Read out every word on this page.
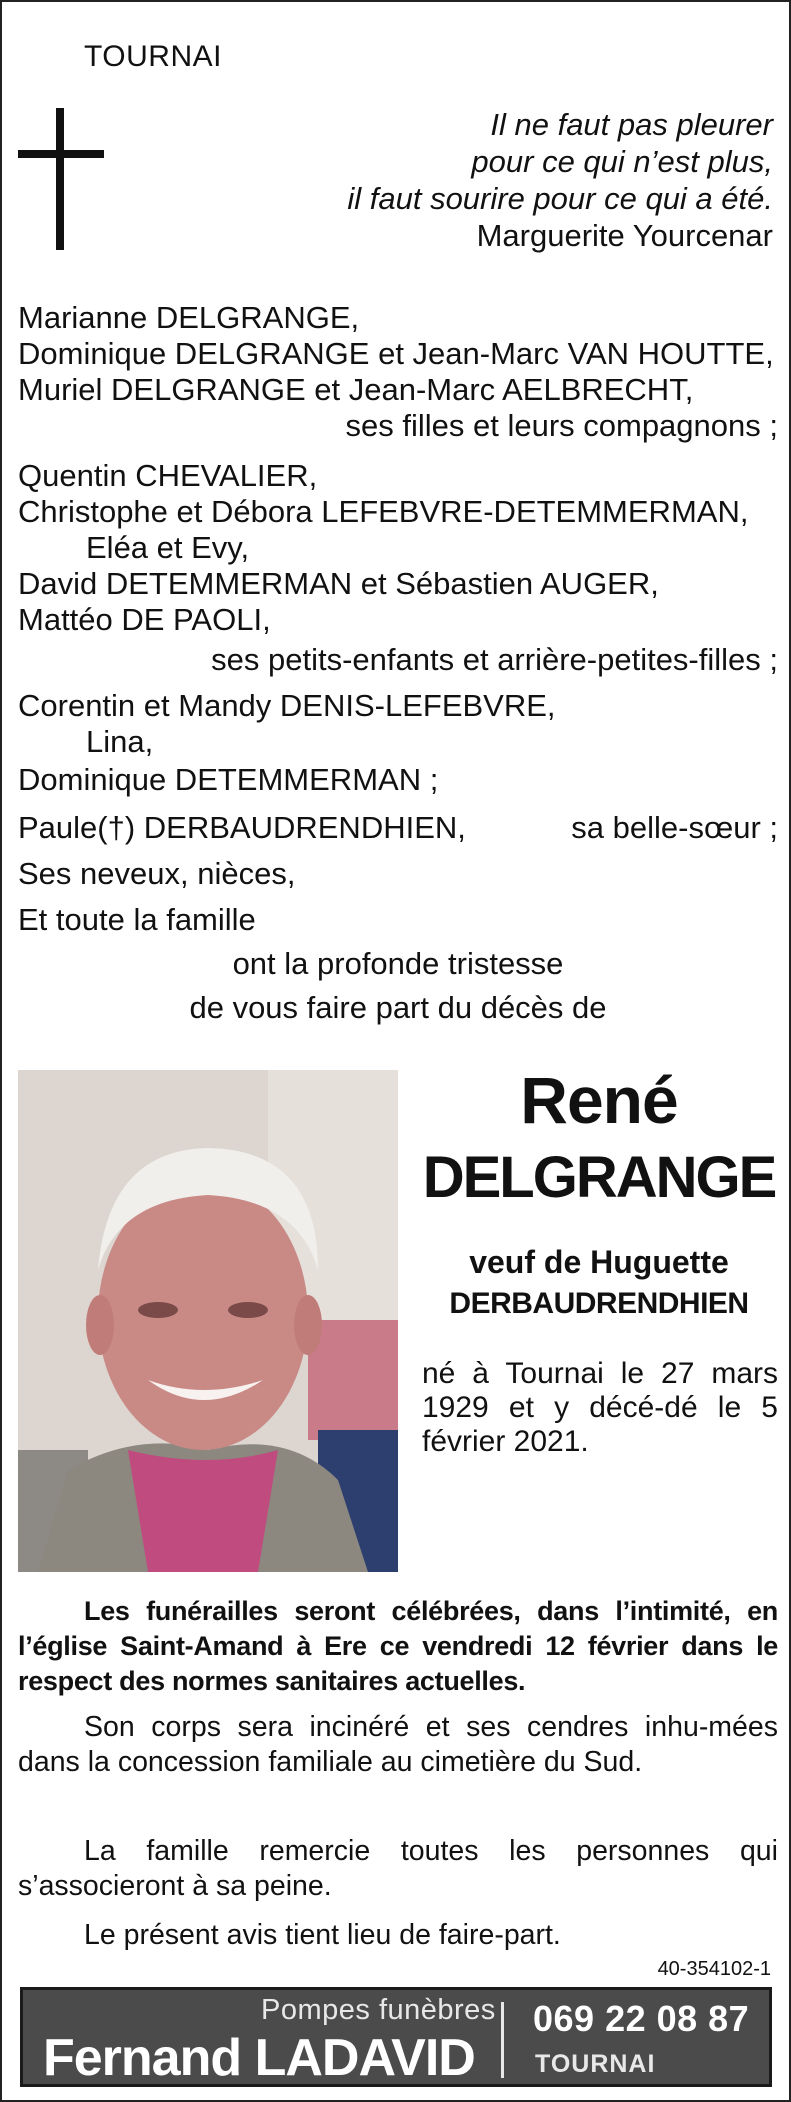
TOURNAI
Il ne faut pas pleurer
pour ce qui n’est plus,
il faut sourire pour ce qui a été.
Marguerite Yourcenar
Marianne DELGRANGE,
Dominique DELGRANGE et Jean-Marc VAN HOUTTE,
Muriel DELGRANGE et Jean-Marc AELBRECHT,
ses filles et leurs compagnons ;
Quentin CHEVALIER,
Christophe et Débora LEFEBVRE-DETEMMERMAN,
Eléa et Evy,
David DETEMMERMAN et Sébastien AUGER,
Mattéo DE PAOLI,
ses petits-enfants et arrière-petites-filles ;
Corentin et Mandy DENIS-LEFEBVRE,
Lina,
Dominique DETEMMERMAN ;
Paule(†) DERBAUDRENDHIEN,	sa belle-sœur ;
Ses neveux, nièces,
Et toute la famille
ont la profonde tristesse
de vous faire part du décès de
René
DELGRANGE
veuf de Huguette
DERBAUDRENDHIEN
né à Tournai le 27 mars 1929 et y décé-dé le 5 février 2021.
Les funérailles seront célébrées, dans l’intimité, en l’église Saint-Amand à Ere ce vendredi 12 février dans le respect des normes sanitaires actuelles.
Son corps sera incinéré et ses cendres inhu-mées dans la concession familiale au cimetière du Sud.
La famille remercie toutes les personnes qui s’associeront à sa peine.
Le présent avis tient lieu de faire-part.
40-354102-1
Pompes funèbres
Fernand LADAVID
069 22 08 87
TOURNAI
